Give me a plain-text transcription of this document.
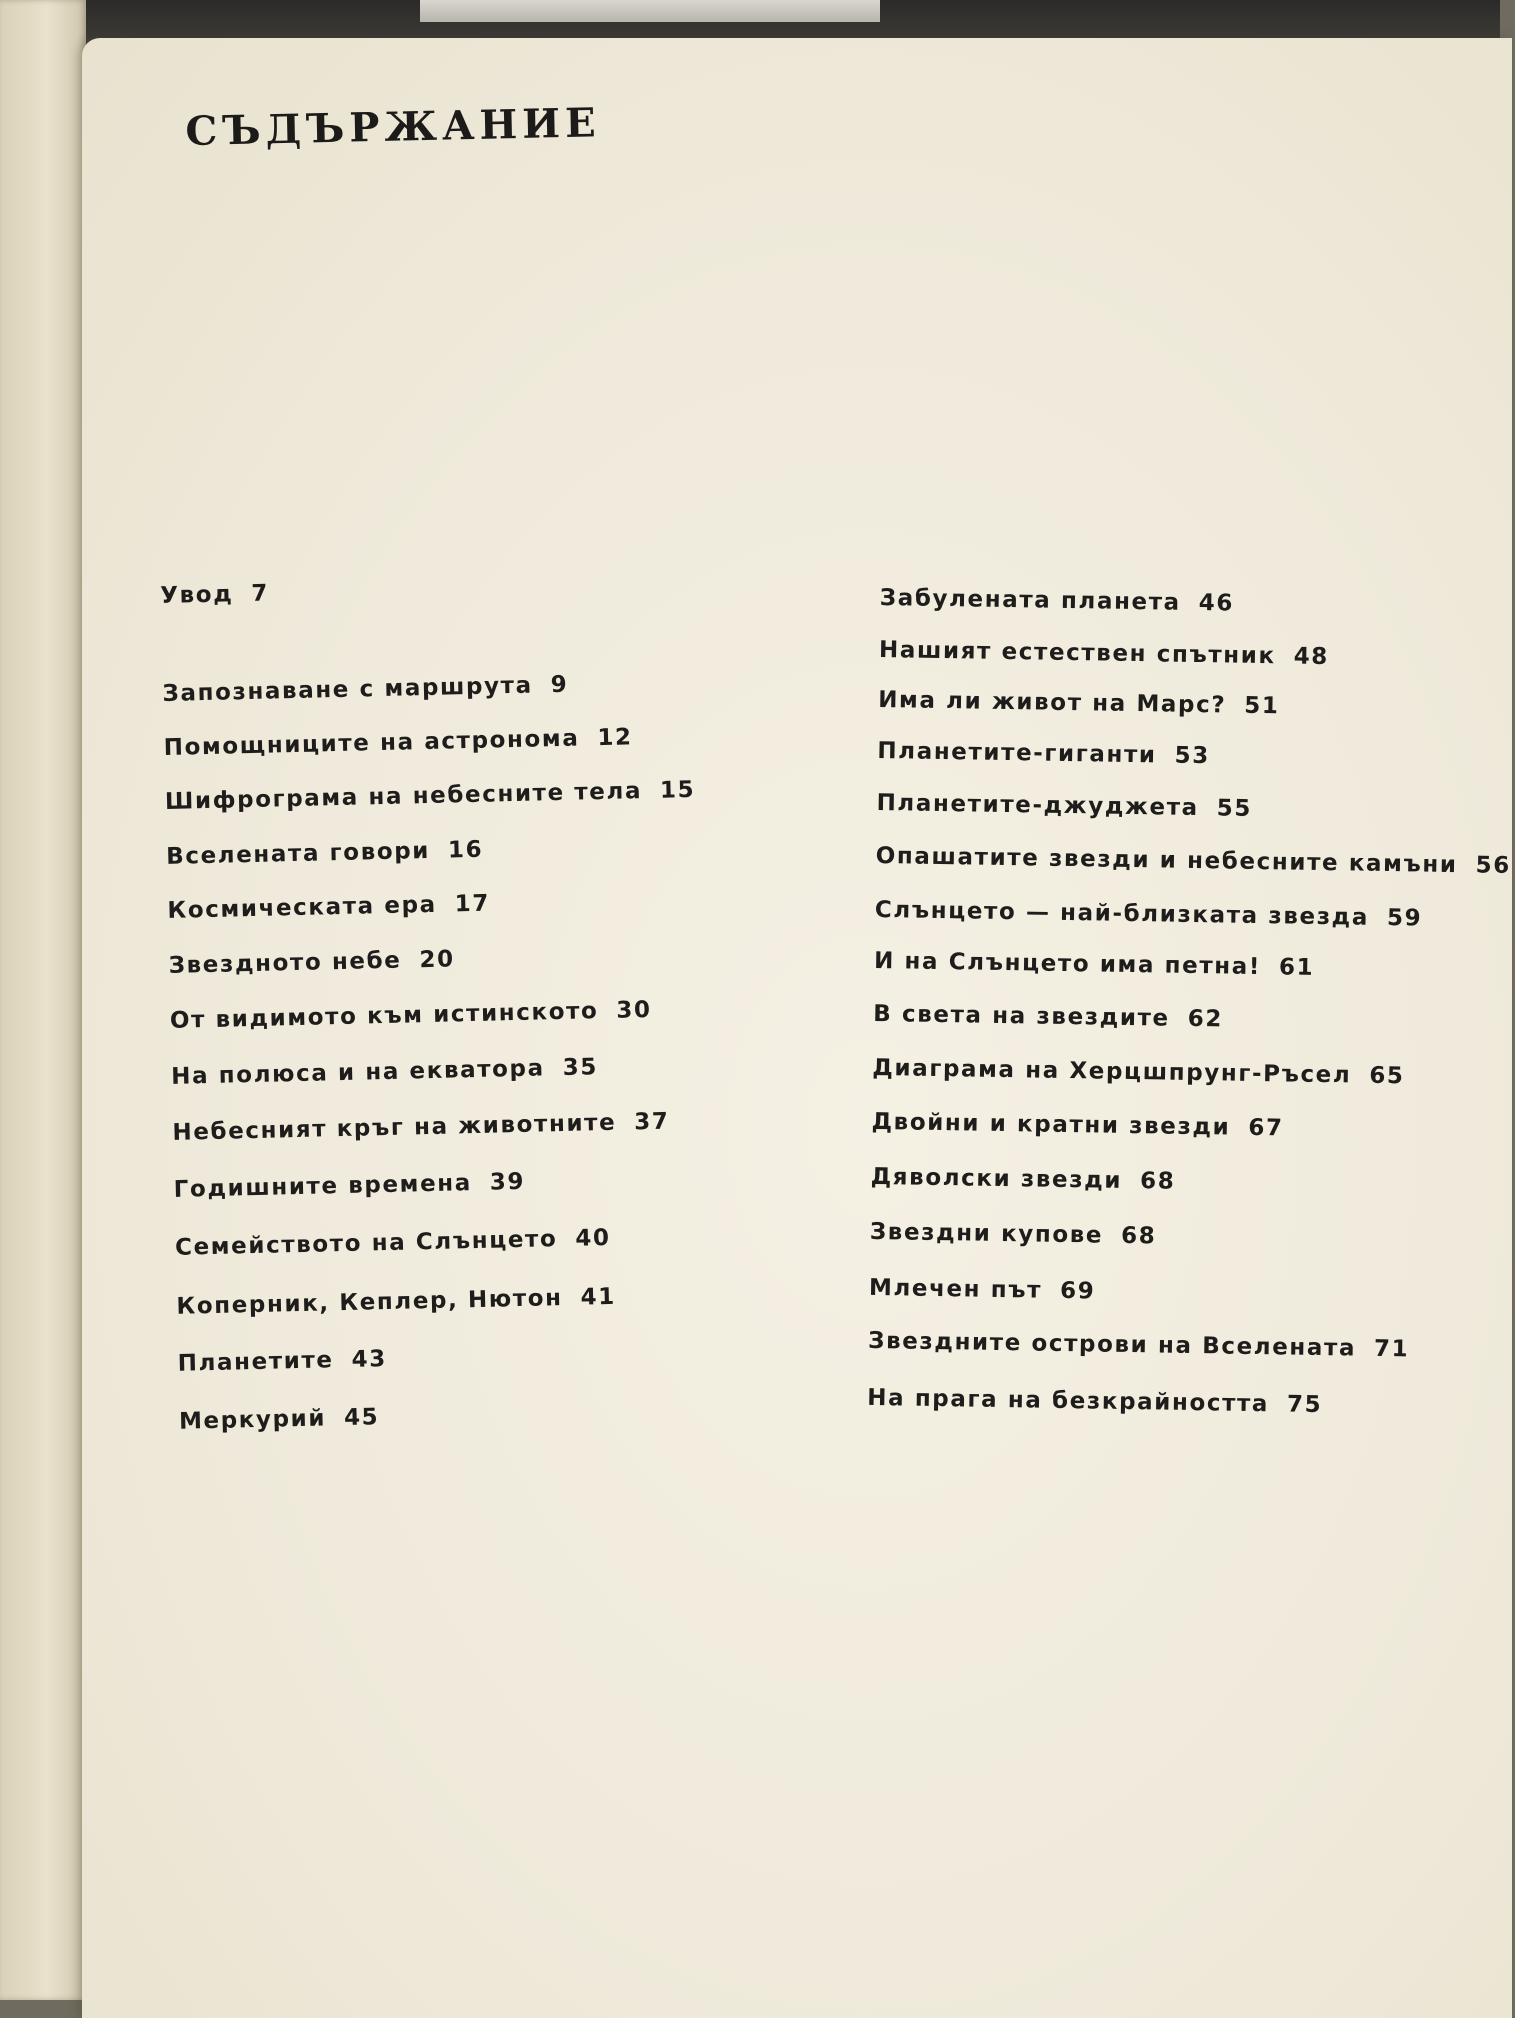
СЪДЪРЖАНИЕ
Увод 7
Запознаване с маршрута 9
Помощниците на астронома 12
Шифрограма на небесните тела 15
Вселената говори 16
Космическата ера 17
Звездното небе 20
От видимото към истинското 30
На полюса и на екватора 35
Небесният кръг на животните 37
Годишните времена 39
Семейството на Слънцето 40
Коперник, Кеплер, Нютон 41
Планетите 43
Меркурий 45
Забулената планета 46
Нашият естествен спътник 48
Има ли живот на Марс? 51
Планетите-гиганти 53
Планетите-джуджета 55
Опашатите звезди и небесните камъни 56
Слънцето — най-близката звезда 59
И на Слънцето има петна! 61
В света на звездите 62
Диаграма на Херцшпрунг-Ръсел 65
Двойни и кратни звезди 67
Дяволски звезди 68
Звездни купове 68
Млечен път 69
Звездните острови на Вселената 71
На прага на безкрайността 75
